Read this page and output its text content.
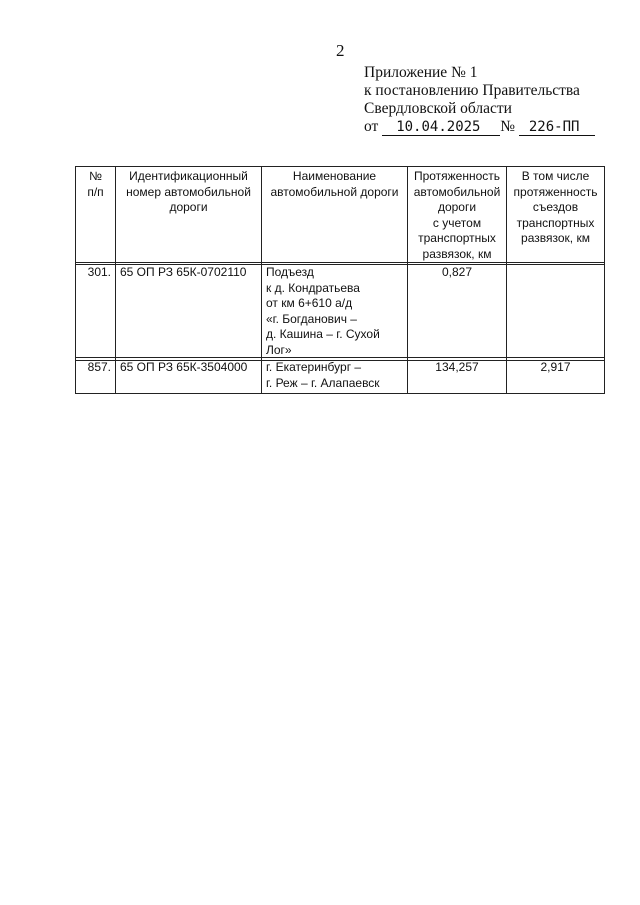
2
Приложение № 1
к постановлению Правительства
Свердловской области
от 10.04.2025 № 226-ПП
№
п/п	Идентификационный
номер автомобильной
дороги	Наименование
автомобильной дороги	Протяженность
автомобильной
дороги
с учетом
транспортных
развязок, км	В том числе
протяженность
съездов
транспортных
развязок, км
301.	65 ОП РЗ 65К-0702110	Подъезд
к д. Кондратьева
от км 6+610 а/д
«г. Богданович –
д. Кашина – г. Сухой
Лог»	0,827	
857.	65 ОП РЗ 65К-3504000	г. Екатеринбург –
г. Реж – г. Алапаевск	134,257	2,917
